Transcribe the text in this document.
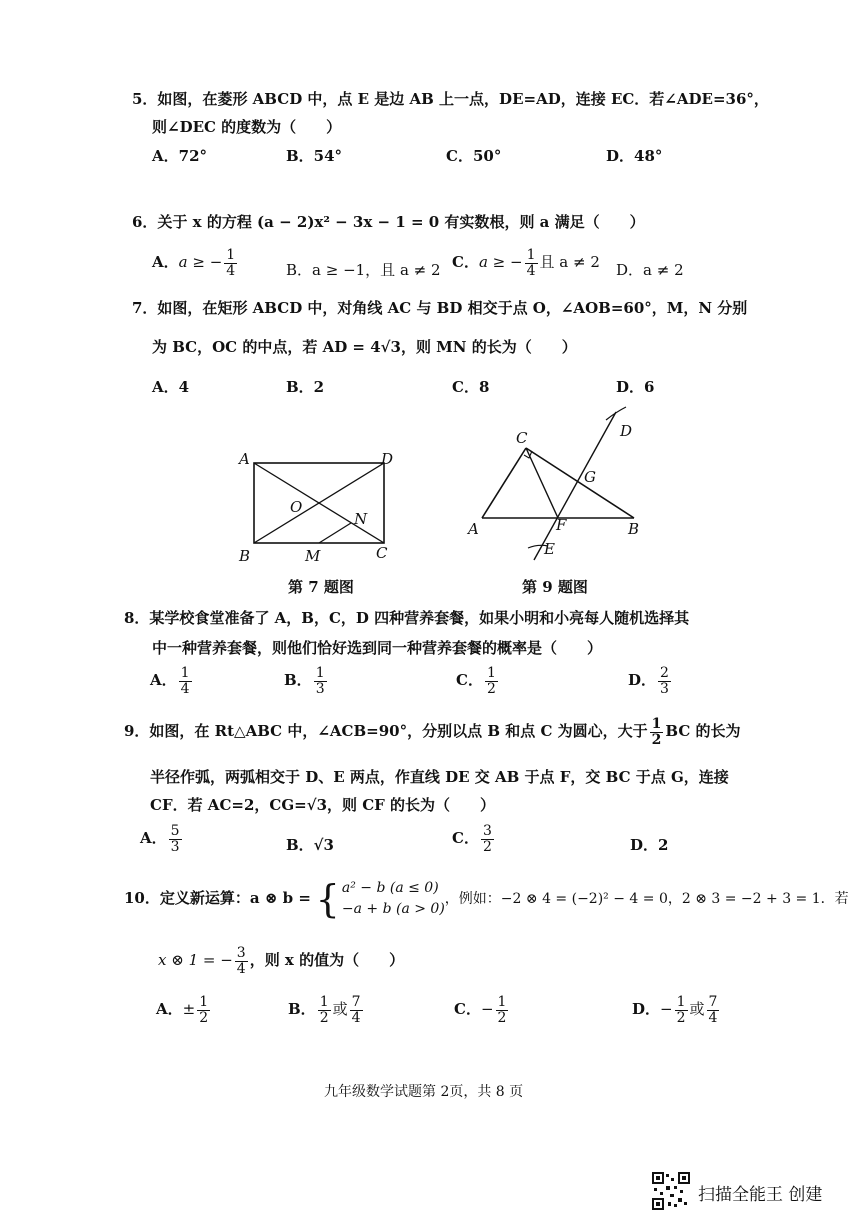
5．如图，在菱形 ABCD 中，点 E 是边 AB 上一点，DE=AD，连接 EC．若∠ADE=36°，
则∠DEC 的度数为（　　）
A．72°	B．54°	C．50°	D．48°
6．关于 x 的方程 (a − 2)x² − 3x − 1 = 0 有实数根，则 a 满足（　　）
A．a ≥ − $\frac{1}{4}$	B．a ≥ −1，且 a ≠ 2 C．a ≥ − $\frac{1}{4}$ 且 a ≠ 2 D．a ≠ 2
7．如图，在矩形 ABCD 中，对角线 AC 与 BD 相交于点 O，∠AOB=60°，M，N 分别
为 BC，OC 的中点，若 AD = 4√3，则 MN 的长为（　　）
A．4	B．2	C．8	D．6
A	D
B	C
O
N
M
第 7 题图
C	D
G
A	F	B
E
第 9 题图
8．某学校食堂准备了 A，B，C，D 四种营养套餐，如果小明和小亮每人随机选择其
中一种营养套餐，则他们恰好选到同一种营养套餐的概率是（　　）
A． $\frac{1}{4}$	B． $\frac{1}{3}$	C． $\frac{1}{2}$	D． $\frac{2}{3}$
9．如图，在 Rt△ABC 中，∠ACB=90°，分别以点 B 和点 C 为圆心，大于 $\frac{1}{2}$ BC 的长为
半径作弧，两弧相交于 D、E 两点，作直线 DE 交 AB 于点 F，交 BC 于点 G，连接
CF．若 AC=2，CG=√3，则 CF 的长为（　　）
A． $\frac{5}{3}$	B．√3	C． $\frac{3}{2}$	D．2
10．定义新运算：a ⊗ b = { a² − b (a ≤ 0)
−a + b (a > 0)
，例如：−2 ⊗ 4 = (−2)² − 4 = 0，2 ⊗ 3 = −2 + 3 = 1．若
x ⊗ 1 = − $\frac{3}{4}$ ，则 x 的值为（　　）
A．± $\frac{1}{2}$	B． $\frac{1}{2}$ 或 $\frac{7}{4}$	C．− $\frac{1}{2}$	D．− $\frac{1}{2}$ 或 $\frac{7}{4}$
九年级数学试题第 2页，共 8 页
扫描全能王 创建
